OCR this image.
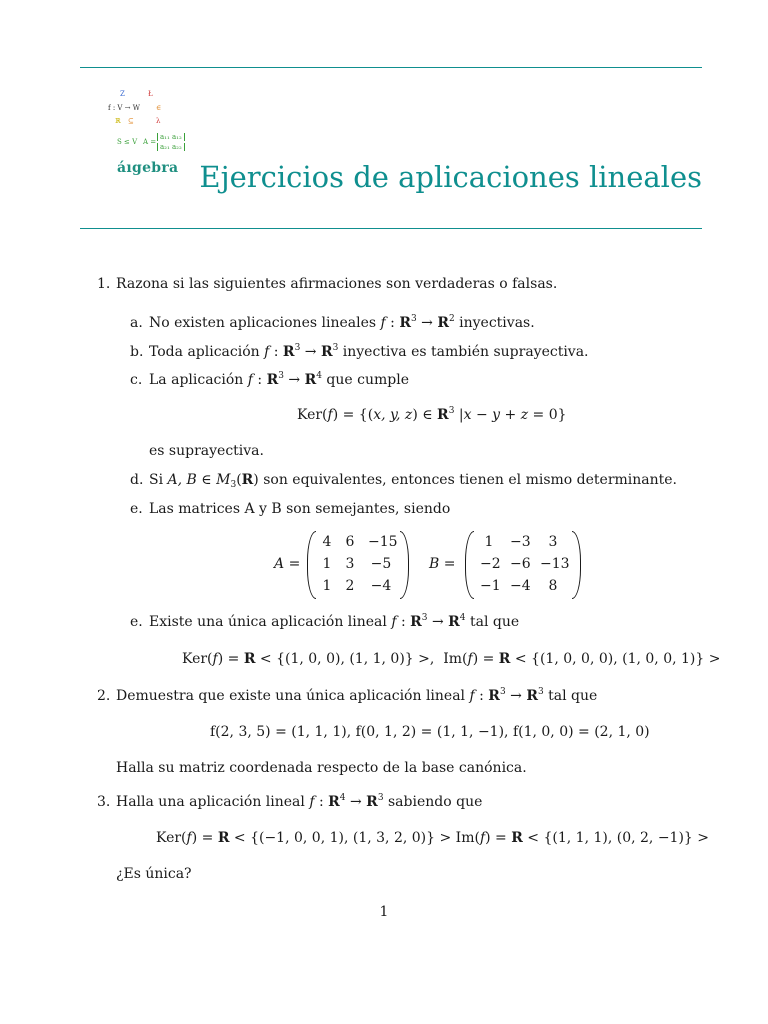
Z	Ł
f : V → W ∈
ℝ ⊆	λ
S ≤ V A =
a₁₁ a₁₂
a₂₁ a₂₂
áıgebra Ejercicios de aplicaciones lineales
1. Razona si las siguientes afirmaciones son verdaderas o falsas.
a. No existen aplicaciones lineales f : $R^3 \to R^2$ inyectivas.
b. Toda aplicación f : $R^3 \to R^3$ inyectiva es también suprayectiva.
c. La aplicación f : $R^3 \to R^4$ que cumple
Ker(f) = {(x, y, z) ∈ $R^3$ |x − y + z = 0}
es suprayectiva.
d. Si A, B ∈ $M_3(R)$ son equivalentes, entonces tienen el mismo determinante.
e. Las matrices A y B son semejantes, siendo
A =
4 6 −15
1 3 −5
1 2 −4
B =
1	−3	3
−2 −6 −13
−1 −4	8
e. Existe una única aplicación lineal f : $R^3 \to R^4$ tal que
Ker(f) = R < {(1, 0, 0), (1, 1, 0)} >,  Im(f) = R < {(1, 0, 0, 0), (1, 0, 0, 1)} >
2. Demuestra que existe una única aplicación lineal f : $R^3 \to R^3$ tal que
f(2, 3, 5) = (1, 1, 1), f(0, 1, 2) = (1, 1, −1), f(1, 0, 0) = (2, 1, 0)
Halla su matriz coordenada respecto de la base canónica.
3. Halla una aplicación lineal f : $R^4 \to R^3$ sabiendo que
Ker(f) = R < {(−1, 0, 0, 1), (1, 3, 2, 0)} > Im(f) = R < {(1, 1, 1), (0, 2, −1)} >
¿Es única?
1
